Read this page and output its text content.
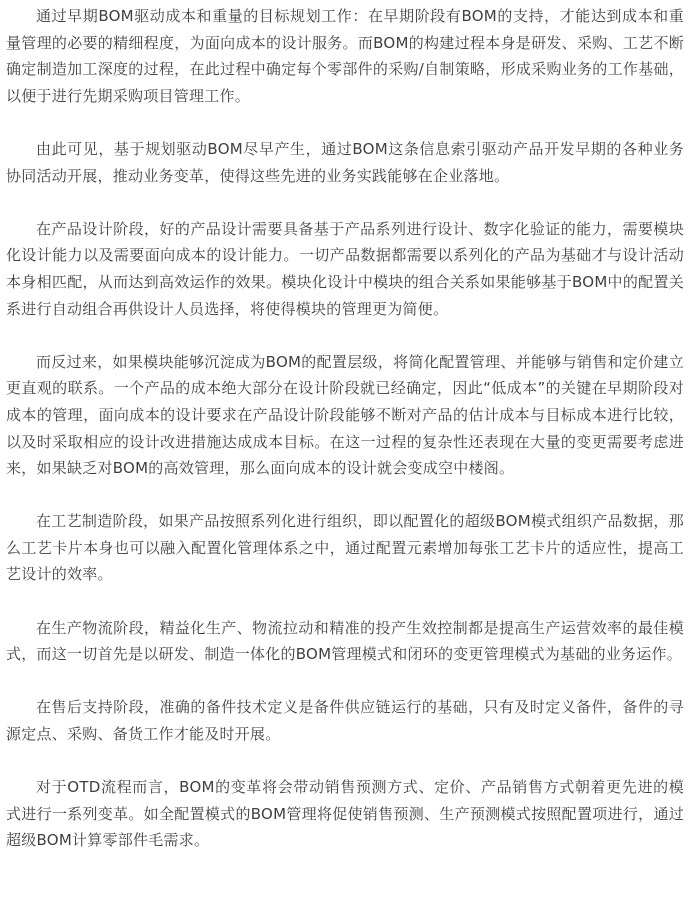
通过早期BOM驱动成本和重量的目标规划工作：在早期阶段有BOM的支持，才能达到成本和重量管理的必要的精细程度，为面向成本的设计服务。而BOM的构建过程本身是研发、采购、工艺不断确定制造加工深度的过程，在此过程中确定每个零部件的采购/自制策略，形成采购业务的工作基础，以便于进行先期采购项目管理工作。

由此可见，基于规划驱动BOM尽早产生，通过BOM这条信息索引驱动产品开发早期的各种业务协同活动开展，推动业务变革，使得这些先进的业务实践能够在企业落地。

在产品设计阶段，好的产品设计需要具备基于产品系列进行设计、数字化验证的能力，需要模块化设计能力以及需要面向成本的设计能力。一切产品数据都需要以系列化的产品为基础才与设计活动本身相匹配，从而达到高效运作的效果。模块化设计中模块的组合关系如果能够基于BOM中的配置关系进行自动组合再供设计人员选择，将使得模块的管理更为简便。

而反过来，如果模块能够沉淀成为BOM的配置层级，将简化配置管理、并能够与销售和定价建立更直观的联系。一个产品的成本绝大部分在设计阶段就已经确定，因此“低成本”的关键在早期阶段对成本的管理，面向成本的设计要求在产品设计阶段能够不断对产品的估计成本与目标成本进行比较，以及时采取相应的设计改进措施达成成本目标。在这一过程的复杂性还表现在大量的变更需要考虑进来，如果缺乏对BOM的高效管理，那么面向成本的设计就会变成空中楼阁。

在工艺制造阶段，如果产品按照系列化进行组织，即以配置化的超级BOM模式组织产品数据，那么工艺卡片本身也可以融入配置化管理体系之中，通过配置元素增加每张工艺卡片的适应性，提高工艺设计的效率。

在生产物流阶段，精益化生产、物流拉动和精准的投产生效控制都是提高生产运营效率的最佳模式，而这一切首先是以研发、制造一体化的BOM管理模式和闭环的变更管理模式为基础的业务运作。

在售后支持阶段，准确的备件技术定义是备件供应链运行的基础，只有及时定义备件，备件的寻源定点、采购、备货工作才能及时开展。

对于OTD流程而言，BOM的变革将会带动销售预测方式、定价、产品销售方式朝着更先进的模式进行一系列变革。如全配置模式的BOM管理将促使销售预测、生产预测模式按照配置项进行，通过超级BOM计算零部件毛需求。
